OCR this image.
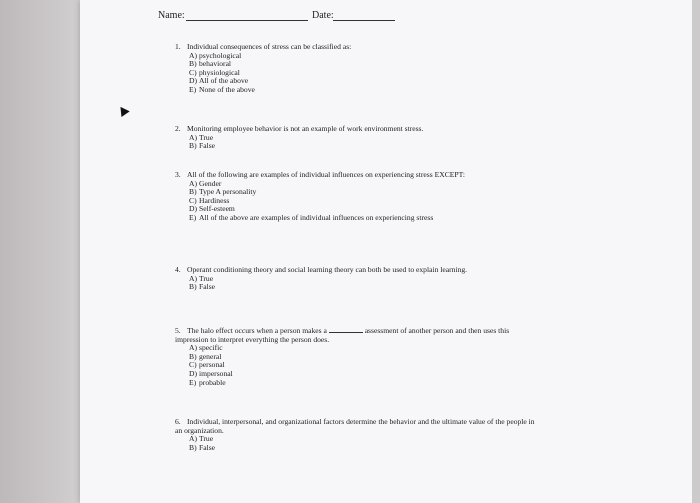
Name:	Date:
1. Individual consequences of stress can be classified as:
A) psychological
B) behavioral
C) physiological
D) All of the above
E) None of the above
2. Monitoring employee behavior is not an example of work environment stress.
A) True
B) False
3. All of the following are examples of individual influences on experiencing stress EXCEPT:
A) Gender
B) Type A personality
C) Hardiness
D) Self-esteem
E) All of the above are examples of individual influences on experiencing stress
4. Operant conditioning theory and social learning theory can both be used to explain learning.
A) True
B) False
5. The halo effect occurs when a person makes a	assessment of another person and then uses this impression to interpret everything the person does.
A) specific
B) general
C) personal
D) impersonal
E) probable
6. Individual, interpersonal, and organizational factors determine the behavior and the ultimate value of the people in an organization.
A) True
B) False
